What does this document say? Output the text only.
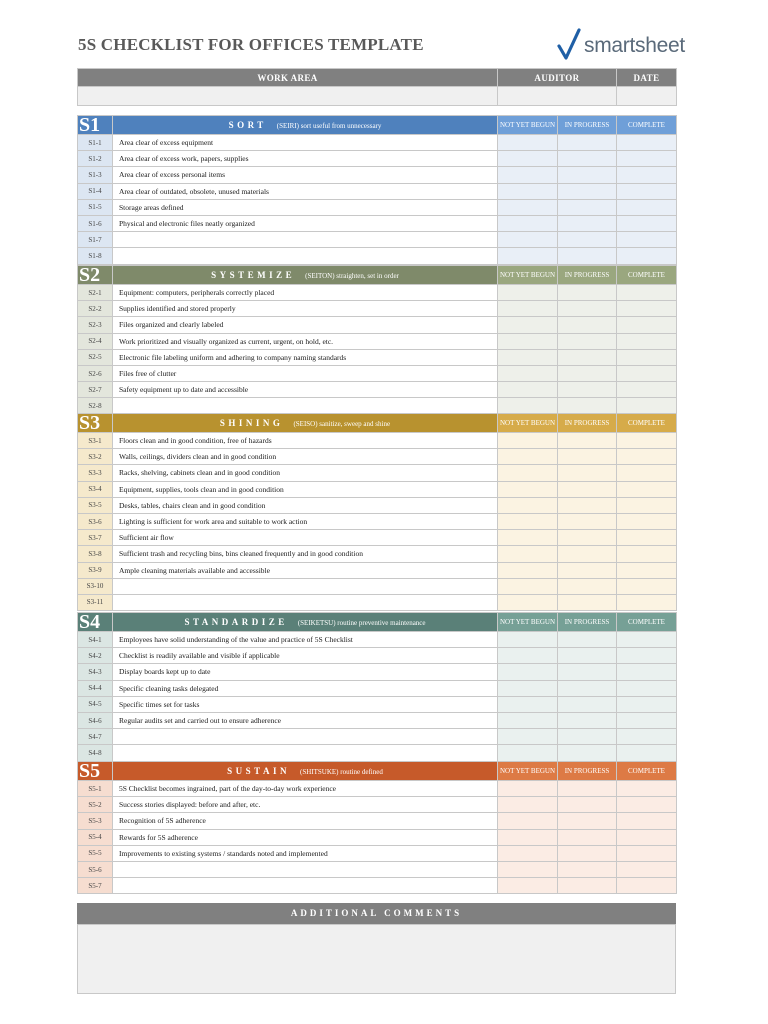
5S CHECKLIST FOR OFFICES TEMPLATE	smartsheet
WORK AREA	AUDITOR	DATE

S1	SORT (SEIRI) sort useful from unnecessary	NOT YET BEGUN	IN PROGRESS	COMPLETE
S1-1	Area clear of excess equipment			
S1-2	Area clear of excess work, papers, supplies			
S1-3	Area clear of excess personal items			
S1-4	Area clear of outdated, obsolete, unused materials			
S1-5	Storage areas defined			
S1-6	Physical and electronic files neatly organized			
S1-7				
S1-8				
S2	SYSTEMIZE (SEITON) straighten, set in order	NOT YET BEGUN	IN PROGRESS	COMPLETE
S2-1	Equipment: computers, peripherals correctly placed			
S2-2	Supplies identified and stored properly			
S2-3	Files organized and clearly labeled			
S2-4	Work prioritized and visually organized as current, urgent, on hold, etc.			
S2-5	Electronic file labeling uniform and adhering to company naming standards			
S2-6	Files free of clutter			
S2-7	Safety equipment up to date and accessible			
S2-8				
S3	SHINING (SEISO) sanitize, sweep and shine	NOT YET BEGUN	IN PROGRESS	COMPLETE
S3-1	Floors clean and in good condition, free of hazards			
S3-2	Walls, ceilings, dividers clean and in good condition			
S3-3	Racks, shelving, cabinets clean and in good condition			
S3-4	Equipment, supplies, tools clean and in good condition			
S3-5	Desks, tables, chairs clean and in good condition			
S3-6	Lighting is sufficient for work area and suitable to work action			
S3-7	Sufficient air flow			
S3-8	Sufficient trash and recycling bins, bins cleaned frequently and in good condition			
S3-9	Ample cleaning materials available and accessible			
S3-10				
S3-11				
S4	STANDARDIZE (SEIKETSU) routine preventive maintenance	NOT YET BEGUN	IN PROGRESS	COMPLETE
S4-1	Employees have solid understanding of the value and practice of 5S Checklist			
S4-2	Checklist is readily available and visible if applicable			
S4-3	Display boards kept up to date			
S4-4	Specific cleaning tasks delegated			
S4-5	Specific times set for tasks			
S4-6	Regular audits set and carried out to ensure adherence			
S4-7				
S4-8				
S5	SUSTAIN (SHITSUKE) routine defined	NOT YET BEGUN	IN PROGRESS	COMPLETE
S5-1	5S Checklist becomes ingrained, part of the day-to-day work experience			
S5-2	Success stories displayed: before and after, etc.			
S5-3	Recognition of 5S adherence			
S5-4	Rewards for 5S adherence			
S5-5	Improvements to existing systems / standards noted and implemented			
S5-6				
S5-7				
ADDITIONAL COMMENTS
